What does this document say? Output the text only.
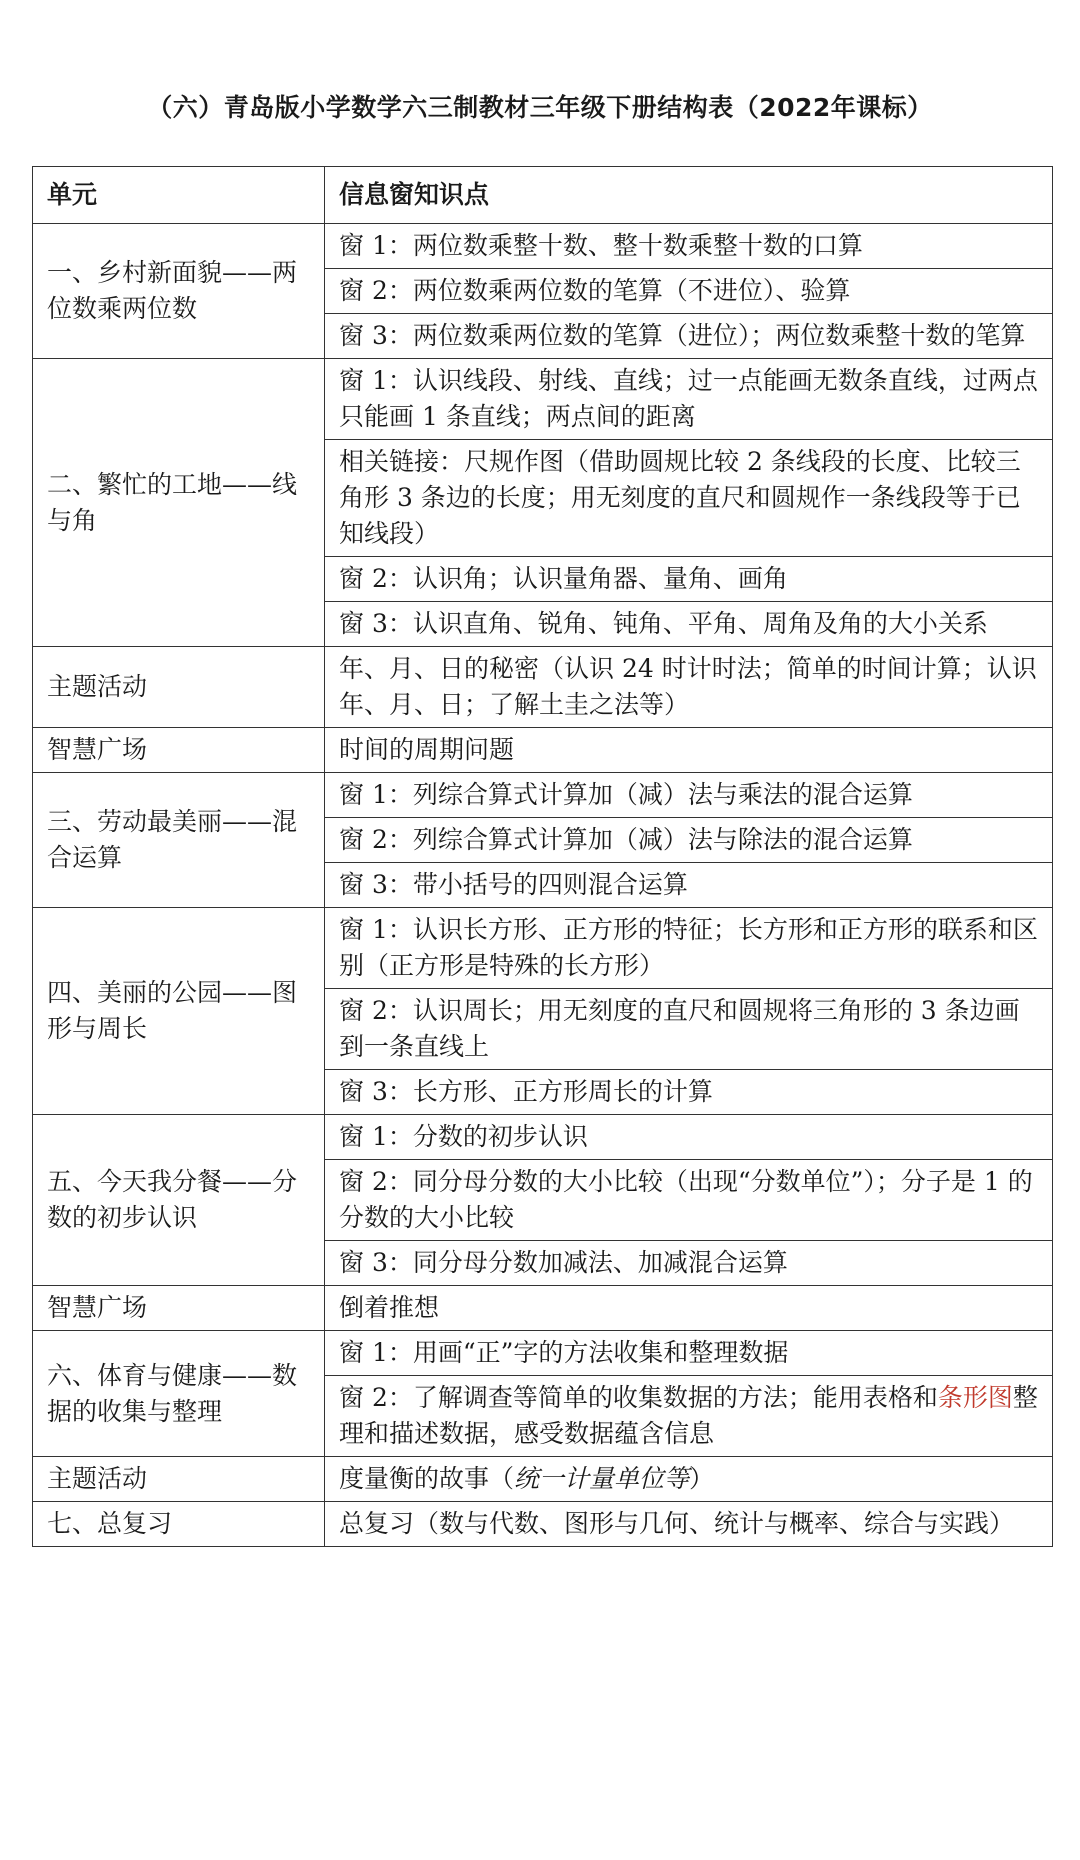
（六）青岛版小学数学六三制教材三年级下册结构表（2022年课标）
单元	信息窗知识点
一、乡村新面貌——两位数乘两位数	窗 1：两位数乘整十数、整十数乘整十数的口算
	窗 2：两位数乘两位数的笔算（不进位）、验算
	窗 3：两位数乘两位数的笔算（进位）；两位数乘整十数的笔算
二、繁忙的工地——线与角	窗 1：认识线段、射线、直线；过一点能画无数条直线，过两点只能画 1 条直线；两点间的距离
	相关链接：尺规作图（借助圆规比较 2 条线段的长度、比较三角形 3 条边的长度；用无刻度的直尺和圆规作一条线段等于已知线段）
	窗 2：认识角；认识量角器、量角、画角
	窗 3：认识直角、锐角、钝角、平角、周角及角的大小关系
主题活动	年、月、日的秘密（认识 24 时计时法；简单的时间计算；认识年、月、日；了解土圭之法等）
智慧广场	时间的周期问题
三、劳动最美丽——混合运算	窗 1：列综合算式计算加（减）法与乘法的混合运算
	窗 2：列综合算式计算加（减）法与除法的混合运算
	窗 3：带小括号的四则混合运算
四、美丽的公园——图形与周长	窗 1：认识长方形、正方形的特征；长方形和正方形的联系和区别（正方形是特殊的长方形）
	窗 2：认识周长；用无刻度的直尺和圆规将三角形的 3 条边画到一条直线上
	窗 3：长方形、正方形周长的计算
五、今天我分餐——分数的初步认识	窗 1：分数的初步认识
	窗 2：同分母分数的大小比较（出现“分数单位”）；分子是 1 的分数的大小比较
	窗 3：同分母分数加减法、加减混合运算
智慧广场	倒着推想
六、体育与健康——数据的收集与整理	窗 1：用画“正”字的方法收集和整理数据
	窗 2：了解调查等简单的收集数据的方法；能用表格和条形图整理和描述数据，感受数据蕴含信息
主题活动	度量衡的故事（统一计量单位等）
七、总复习	总复习（数与代数、图形与几何、统计与概率、综合与实践）
